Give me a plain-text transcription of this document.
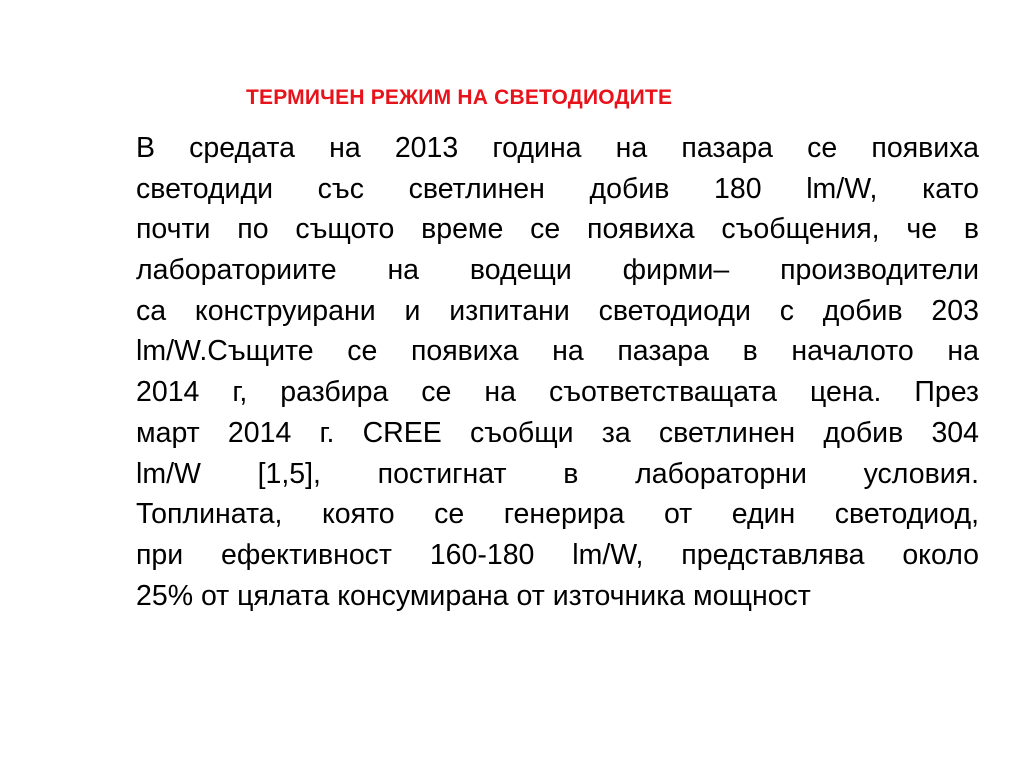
ТЕРМИЧЕН РЕЖИМ НА СВЕТОДИОДИТЕ
В средата на 2013 година на пазара се появиха
светодиди със светлинен добив 180 lm/W, като
почти по същото време се появиха съобщения, че в
лабораториите на водещи фирми– производители
са конструирани и изпитани светодиоди с добив 203
lm/W.Същите се появиха на пазара в началото на
2014 г, разбира се на съответстващата цена. През
март 2014 г. CREE съобщи за светлинен добив 304
lm/W [1,5], постигнат в лабораторни условия.
Топлината, която се генерира от един светодиод,
при ефективност 160-180 lm/W, представлява около
25% от цялата консумирана от източника мощност
